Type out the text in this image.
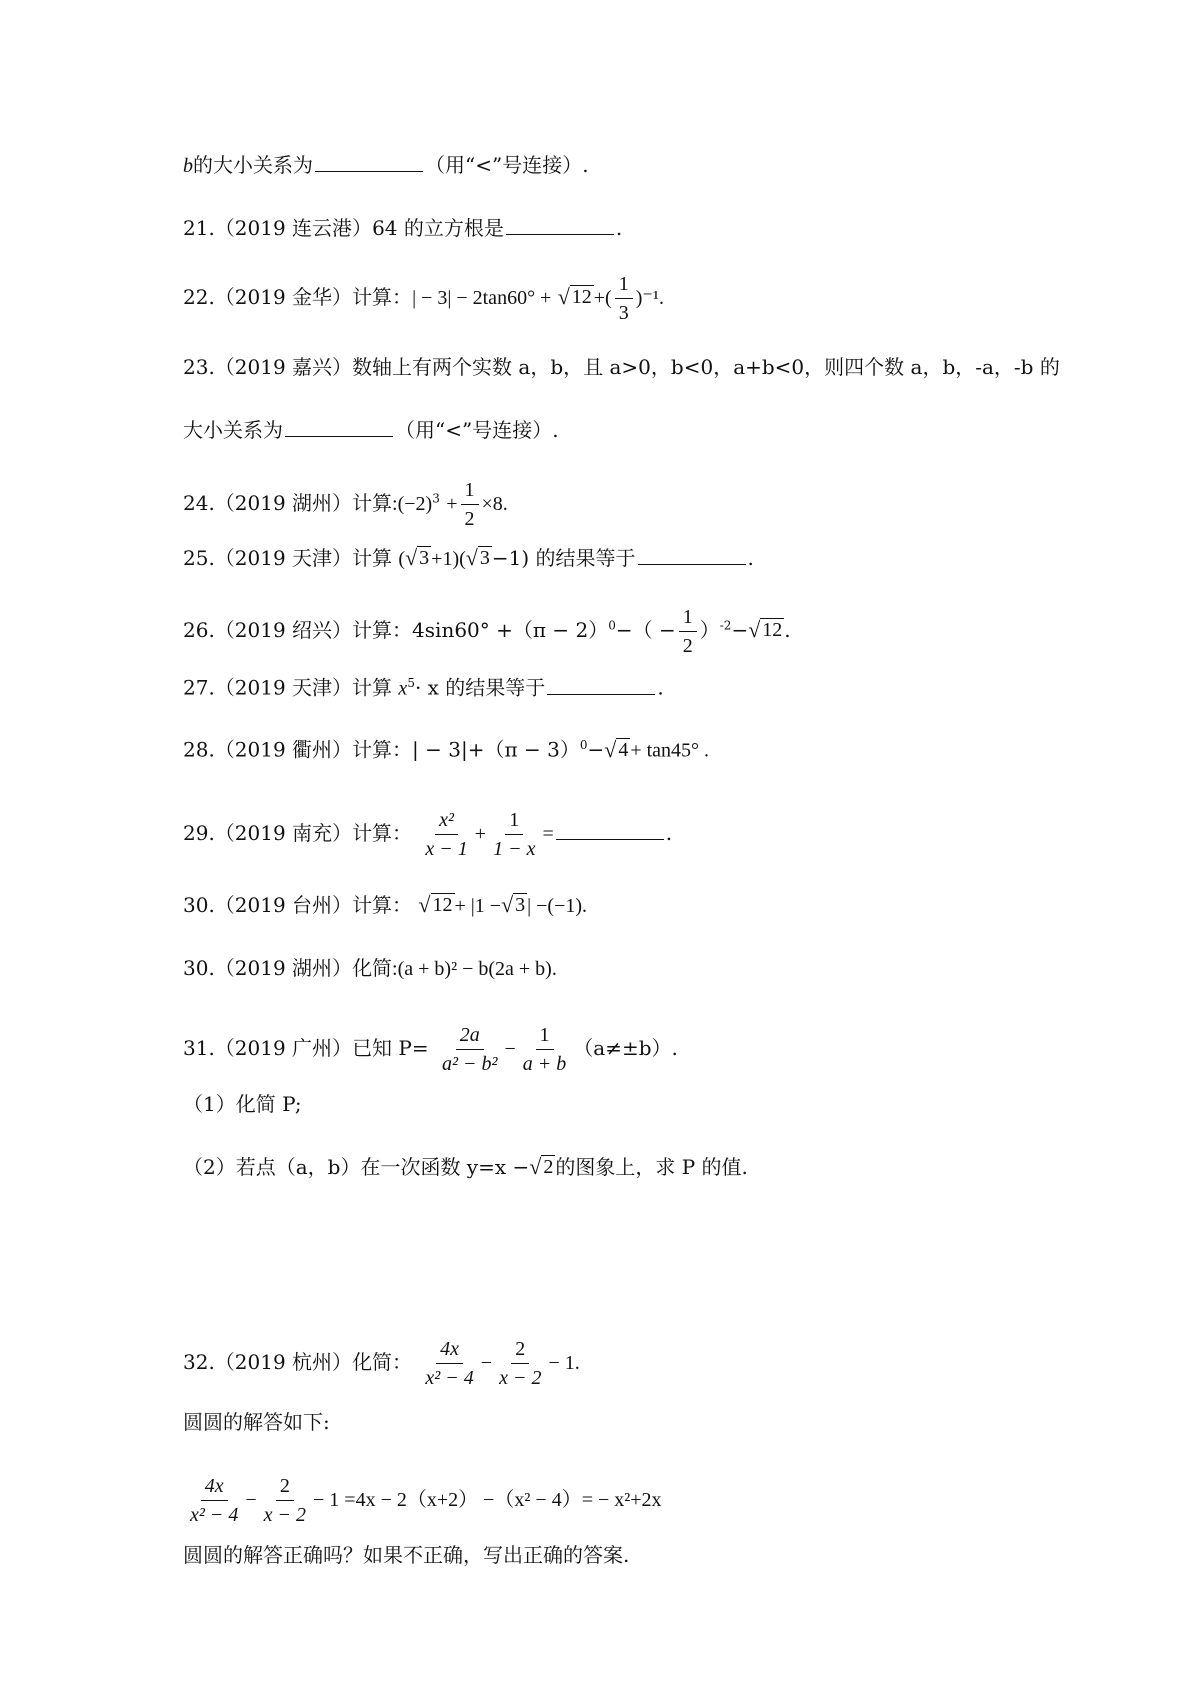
b的大小关系为	（用“<”号连接）.
21.（2019 连云港）64 的立方根是	.
22.（2019 金华）计算：| − 3| − 2tan60° + √ 12 +( $\frac{1}{3} )^{-1}$.
23.（2019 嘉兴）数轴上有两个实数 a，b，且 a>0，b<0，a+b<0，则四个数 a，b，-a，-b 的
大小关系为	（用“<”号连接）.
24.（2019 湖州）计算$:(-2)^3 + \frac{1}{2} \times 8$.
25.（2019 天津）计算 ( √ 3 +1)( √ 3 −1) 的结果等于	.
26.（2019 绍兴）计算：$4\sin 60^\circ +(\pi - 2)^0-( - \frac{1}{2} )^{-2}-$ √ 12 .
27.（2019 天津）计算 $x^5\cdot x$ 的结果等于	.
28.（2019 衢州）计算：| − $3|+(\pi - 3)^0-$ √ 4 + tan45° .
29.（2019 南充）计算： $\frac{\text{x²}}{x - 1} + \frac{1}{1 - x}$ =	.
30.（2019 台州）计算： √ 12 + |1 − √ 3 | −(−1).
30.（2019 湖州）化简:(a + b)² − b(2a + b).
31.（2019 广州）已知 $P= \frac{2a}{\text{a² − b²}} - \frac{1}{a + b} (a\ne\pm b)$.
（1）化简 P;
（2）若点（a，b）在一次函数 y=x − √ 2 的图象上，求 P 的值.
32.（2019 杭州）化简： $\frac{4x}{\text{x² − 4}} - \frac{2}{x - 2} - 1$.
圆圆的解答如下:
$\frac{4x}{\text{x² − 4}} - \frac{2}{x - 2} - 1 =4x - 2(x+2) -(x^2 - 4)= - x^2+2x$
圆圆的解答正确吗？如果不正确，写出正确的答案.
